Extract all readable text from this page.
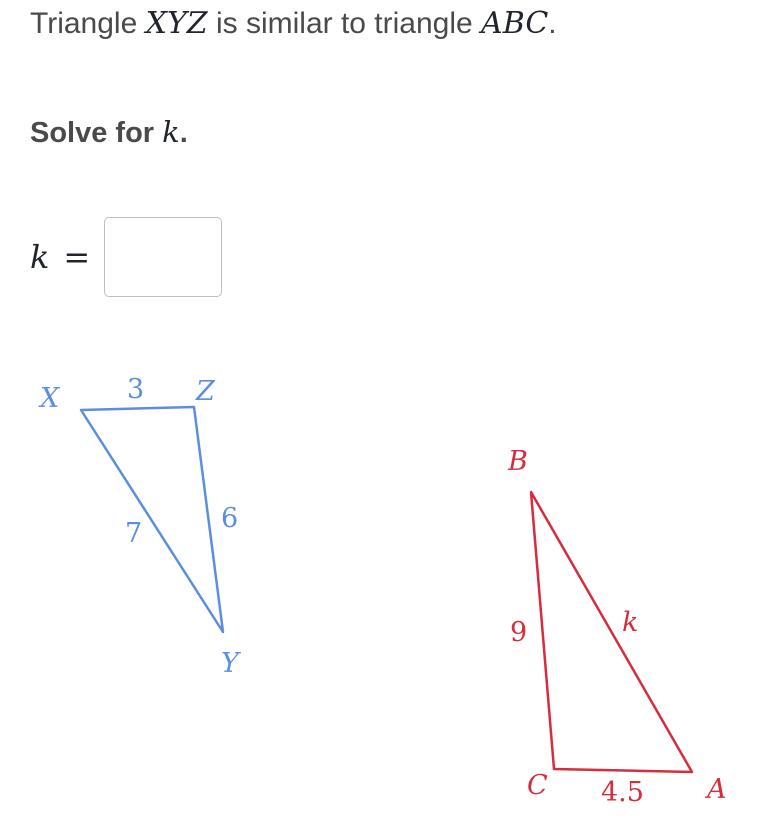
Triangle XYZ is similar to triangle ABC.
Solve for k.
k =
X	Z
Y
3
7	6
B
C	A
9	k
4.5
